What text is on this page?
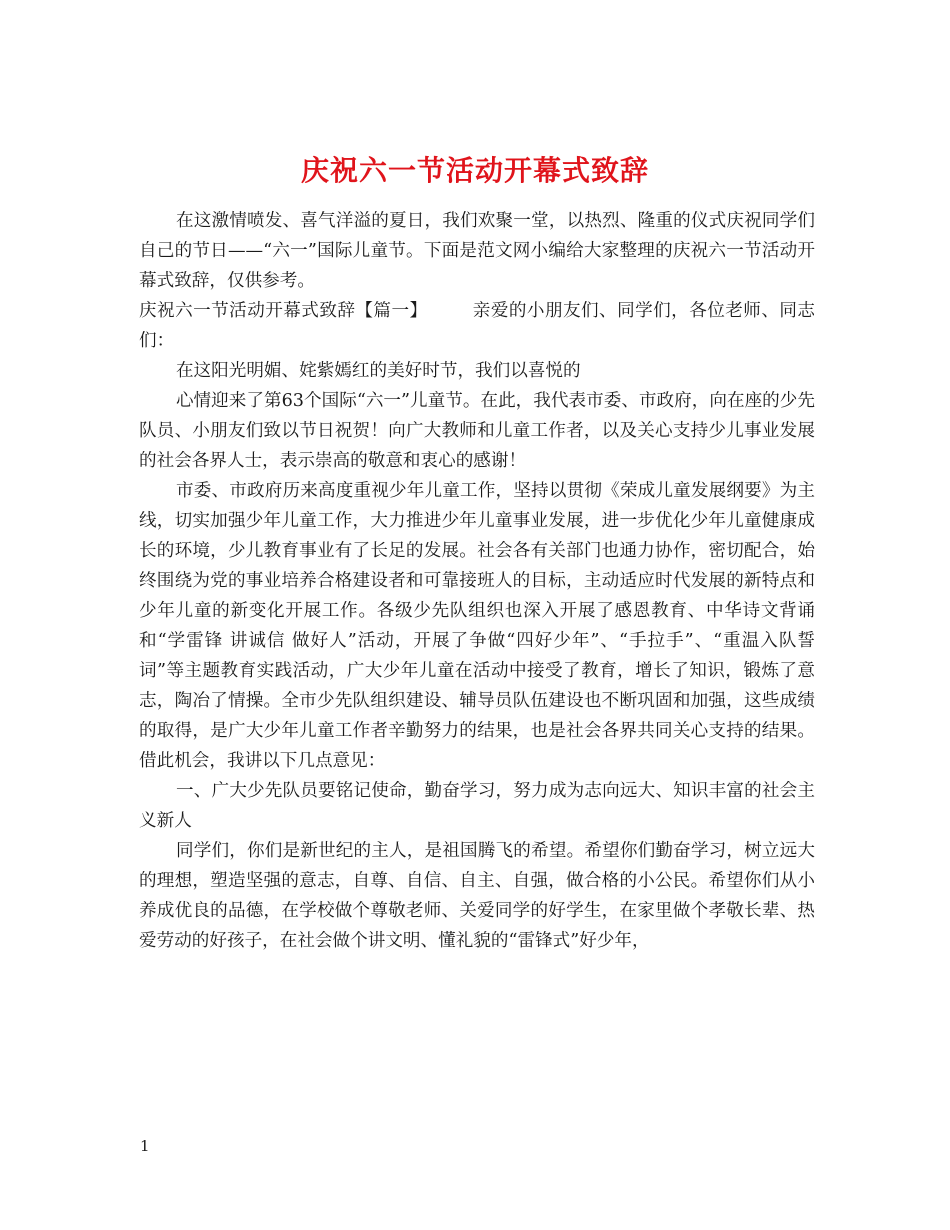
庆祝六一节活动开幕式致辞

在这激情喷发、喜气洋溢的夏日，我们欢聚一堂，以热烈、隆重的仪式庆祝同学们自己的节日——“六一”国际儿童节。下面是范文网小编给大家整理的庆祝六一节活动开幕式致辞，仅供参考。

庆祝六一节活动开幕式致辞【篇一】　　　亲爱的小朋友们、同学们，各位老师、同志们：

在这阳光明媚、姹紫嫣红的美好时节，我们以喜悦的

心情迎来了第63个国际“六一”儿童节。在此，我代表市委、市政府，向在座的少先队员、小朋友们致以节日祝贺！向广大教师和儿童工作者，以及关心支持少儿事业发展的社会各界人士，表示崇高的敬意和衷心的感谢！

市委、市政府历来高度重视少年儿童工作，坚持以贯彻《荣成儿童发展纲要》为主线，切实加强少年儿童工作，大力推进少年儿童事业发展，进一步优化少年儿童健康成长的环境，少儿教育事业有了长足的发展。社会各有关部门也通力协作，密切配合，始终围绕为党的事业培养合格建设者和可靠接班人的目标，主动适应时代发展的新特点和少年儿童的新变化开展工作。各级少先队组织也深入开展了感恩教育、中华诗文背诵和“学雷锋 讲诚信 做好人”活动，开展了争做“四好少年”、“手拉手”、“重温入队誓词”等主题教育实践活动，广大少年儿童在活动中接受了教育，增长了知识，锻炼了意志，陶冶了情操。全市少先队组织建设、辅导员队伍建设也不断巩固和加强，这些成绩的取得，是广大少年儿童工作者辛勤努力的结果，也是社会各界共同关心支持的结果。借此机会，我讲以下几点意见：

一、广大少先队员要铭记使命，勤奋学习，努力成为志向远大、知识丰富的社会主义新人

同学们，你们是新世纪的主人，是祖国腾飞的希望。希望你们勤奋学习，树立远大的理想，塑造坚强的意志，自尊、自信、自主、自强，做合格的小公民。希望你们从小养成优良的品德，在学校做个尊敬老师、关爱同学的好学生，在家里做个孝敬长辈、热爱劳动的好孩子，在社会做个讲文明、懂礼貌的“雷锋式”好少年，

1
